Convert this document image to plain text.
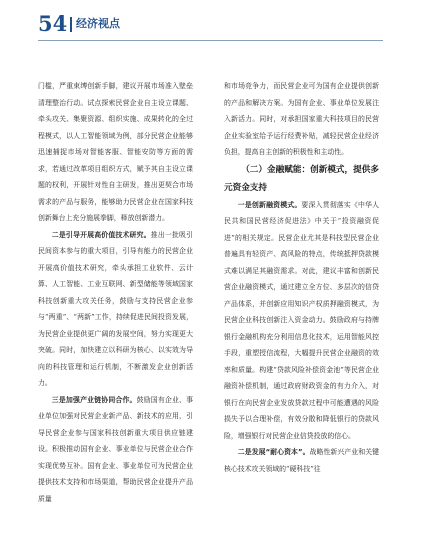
54 经济视点

门槛，严重束缚创新手脚，建议开展市场准入壁垒清理整治行动。试点探索民营企业自主设立课题、牵头攻关、集聚资源、组织实施、成果转化的全过程模式，以人工智能领域为例，部分民营企业能够迅速捕捉市场对智能客服、智能安防等方面的需求，若通过改革项目组织方式，赋予其自主设立课题的权利，开展针对性自主研发，推出更契合市场需求的产品与服务，能够助力民营企业在国家科技创新舞台上充分施展拳脚，释放创新潜力。

二是引导开展高价值技术研究。推出一批吸引民间资本参与的重大项目，引导有能力的民营企业开展高价值技术研究，牵头承担工业软件、云计算、人工智能、工业互联网、新型储能等领域国家科技创新重大攻关任务，鼓励与支持民营企业参与“两重”、“两新”工作，持续促进民间投资发展，为民营企业提供更广阔的发展空间，努力实现更大突破。同时，加快建立以科研为核心、以实效为导向的科技管理和运行机制，不断激发企业创新活力。

三是加强产业链协同合作。鼓励国有企业、事业单位加强对民营企业新产品、新技术的应用，引导民营企业参与国家科技创新重大项目供应链建设。积极推动国有企业、事业单位与民营企业合作实现优势互补。国有企业、事业单位可为民营企业提供技术支持和市场渠道，帮助民营企业提升产品质量

和市场竞争力，而民营企业可为国有企业提供创新的产品和解决方案。为国有企业、事业单位发展注入新活力。同时，对承担国家重大科技项目的民营企业实验室给予运行经费补贴，减轻民营企业经济负担，提高自主创新的积极性和主动性。

（二）金融赋能：创新模式，提供多元资金支持

一是创新融资模式。要深入贯彻落实《中华人民共和国民营经济促进法》中关于“投资融资促进”的相关规定。民营企业尤其是科技型民营企业普遍具有轻资产、高风险的特点，传统抵押贷款模式难以满足其融资需求。对此，建议丰富和创新民营企业融资模式，通过建立全方位、多层次的信贷产品体系，并创新应用知识产权质押融资模式，为民营企业科技创新注入资金动力。鼓励政府与持牌银行金融机构充分利用信息化技术，运用智能风控手段，重塑授信流程，大幅提升民营企业融资的效率和质量。构建“贷款风险补偿资金池”等民营企业融资补偿机制，通过政府财政资金的有力介入，对银行在向民营企业发放贷款过程中可能遭遇的风险损失予以合理补偿，有效分散和降低银行的贷款风险，增强银行对民营企业信贷投放的信心。

二是发展“耐心资本”。战略性新兴产业和关键核心技术攻关领域的“硬科技”往
